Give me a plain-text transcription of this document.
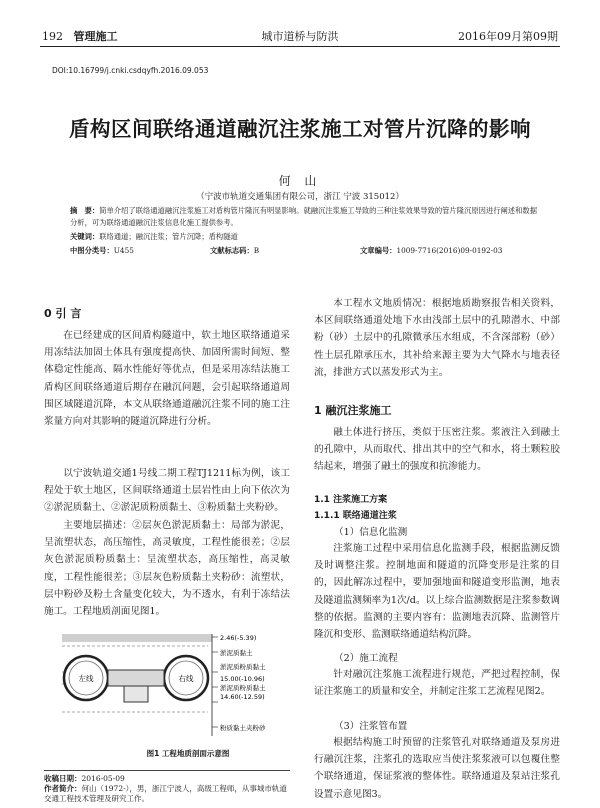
192 管理施工	城市道桥与防洪	2016年09月第09期
DOI:10.16799/j.cnki.csdqyfh.2016.09.053
盾构区间联络通道融沉注浆施工对管片沉降的影响
何 山
（宁波市轨道交通集团有限公司，浙江 宁波 315012）
摘　要：简单介绍了联络通道融沉注浆施工对盾构管片隆沉有明显影响。就融沉注浆施工导致的三种注浆效果导致的管片隆沉原因进行阐述和数据分析，可为联络通道融沉注浆信息化施工提供参考。
关键词：联络通道；融沉注浆；管片沉降；盾构隧道
中图分类号：U455	文献标志码：B	文章编号：1009-7716(2016)09-0192-03
0 引 言

在已经建成的区间盾构隧道中，软土地区联络通道采用冻结法加固土体具有强度提高快、加固所需时间短、整体稳定性能高、隔水性能好等优点，但是采用冻结法施工盾构区间联络通道后期存在融沉问题，会引起联络通道周围区域隧道沉降，本文从联络通道融沉注浆不同的施工注浆量方向对其影响的隧道沉降进行分析。

以宁波轨道交通1号线二期工程TJ1211标为例，该工程处于软土地区，区间联络通道土层岩性由上向下依次为②淤泥质黏土、②淤泥质粉质黏土、③粉质黏土夹粉砂。

主要地层描述：②层灰色淤泥质黏土：局部为淤泥，呈流塑状态，高压缩性，高灵敏度，工程性能很差；②层灰色淤泥质粉质黏土：呈流塑状态，高压缩性，高灵敏度，工程性能很差；③层灰色粉质黏土夹粉砂：流塑状，层中粉砂及粉土含量变化较大，为不透水，有利于冻结法施工。工程地质剖面见图1。

左线	右线
2.46(-5.39)
淤泥质黏土
淤泥质粉质黏土
15.00(-10.96)
淤泥质粉质黏土
14.60(-12.59)
粉质黏土夹粉砂
图1 工程地质剖面示意图
收稿日期：2016-05-09
作者简介：何山（1972-），男，浙江宁波人，高级工程师，从事城市轨道交通工程技术管理及研究工作。

本工程水文地质情况：根据地质勘察报告相关资料，本区间联络通道处地下水由浅部土层中的孔隙潜水、中部粉（砂）土层中的孔隙微承压水组成，不含深部粉（砂）性土层孔隙承压水，其补给来源主要为大气降水与地表径流，排泄方式以蒸发形式为主。

1 融沉注浆施工

融土体进行挤压，类似于压密注浆。浆液注入到融土的孔隙中，从而取代、排出其中的空气和水，将土颗粒胶结起来，增强了融土的强度和抗渗能力。

1.1 注浆施工方案
1.1.1 联络通道注浆
（1）信息化监测

注浆施工过程中采用信息化监测手段，根据监测反馈及时调整注浆。控制地面和隧道的沉降变形是注浆的目的，因此解冻过程中，要加强地面和隧道变形监测，地表及隧道监测频率为1次/d。以上综合监测数据是注浆参数调整的依据。监测的主要内容有：监测地表沉降、监测管片隆沉和变形、监测联络通道结构沉降。

（2）施工流程

针对融沉注浆施工流程进行规范，严把过程控制，保证注浆施工的质量和安全，并制定注浆工艺流程见图2。

（3）注浆管布置

根据结构施工时预留的注浆管孔对联络通道及泵房进行融沉注浆，注浆孔的选取应当使注浆浆液可以包覆住整个联络通道，保证浆液的整体性。联络通道及泵站注浆孔设置示意见图3。
